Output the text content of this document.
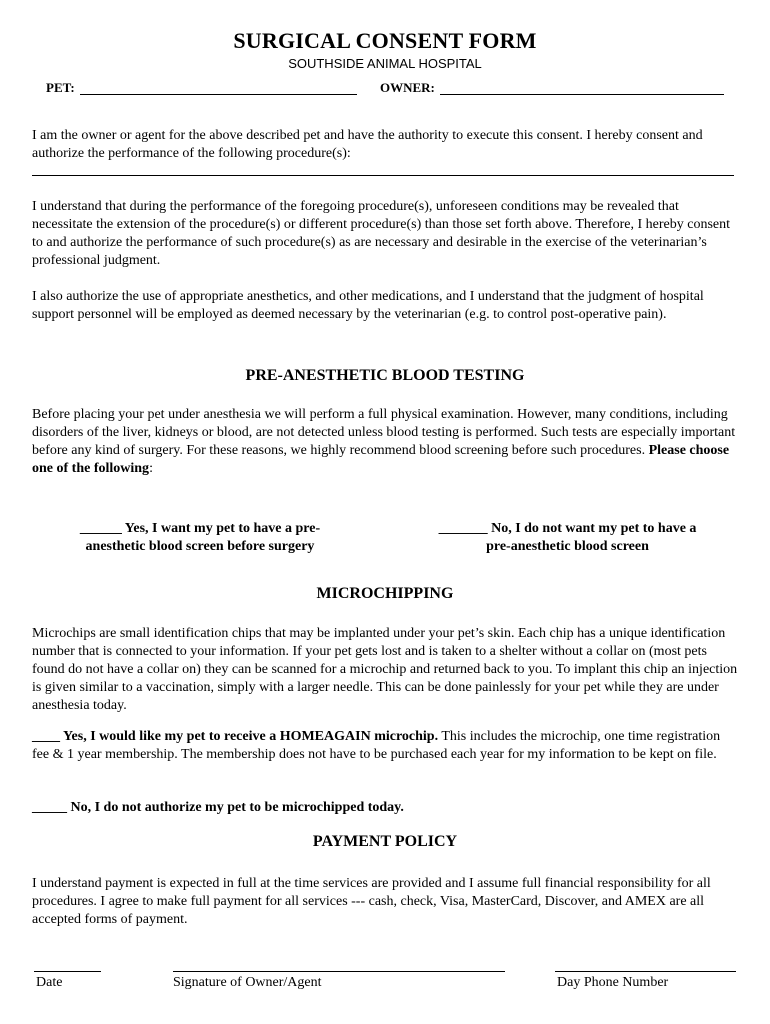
SURGICAL CONSENT FORM
SOUTHSIDE ANIMAL HOSPITAL
PET:	OWNER:
I am the owner or agent for the above described pet and have the authority to execute this consent. I hereby consent and authorize the performance of the following procedure(s):
I understand that during the performance of the foregoing procedure(s), unforeseen conditions may be revealed that necessitate the extension of the procedure(s) or different procedure(s) than those set forth above. Therefore, I hereby consent to and authorize the performance of such procedure(s) as are necessary and desirable in the exercise of the veterinarian’s professional judgment.
I also authorize the use of appropriate anesthetics, and other medications, and I understand that the judgment of hospital support personnel will be employed as deemed necessary by the veterinarian (e.g. to control post-operative pain).
PRE-ANESTHETIC BLOOD TESTING
Before placing your pet under anesthesia we will perform a full physical examination. However, many conditions, including disorders of the liver, kidneys or blood, are not detected unless blood testing is performed. Such tests are especially important before any kind of surgery. For these reasons, we highly recommend blood screening before such procedures. Please choose one of the following:
______ Yes, I want my pet to have a pre-
anesthetic blood screen before surgery
_______ No, I do not want my pet to have a
pre-anesthetic blood screen
MICROCHIPPING
Microchips are small identification chips that may be implanted under your pet’s skin. Each chip has a unique identification number that is connected to your information. If your pet gets lost and is taken to a shelter without a collar on (most pets found do not have a collar on) they can be scanned for a microchip and returned back to you. To implant this chip an injection is given similar to a vaccination, simply with a larger needle. This can be done painlessly for your pet while they are under anesthesia today.
____ Yes, I would like my pet to receive a HOMEAGAIN microchip. This includes the microchip, one time registration fee & 1 year membership. The membership does not have to be purchased each year for my information to be kept on file.
_____ No, I do not authorize my pet to be microchipped today.
PAYMENT POLICY
I understand payment is expected in full at the time services are provided and I assume full financial responsibility for all procedures. I agree to make full payment for all services --- cash, check, Visa, MasterCard, Discover, and AMEX are all accepted forms of payment.
Date	Signature of Owner/Agent	Day Phone Number
